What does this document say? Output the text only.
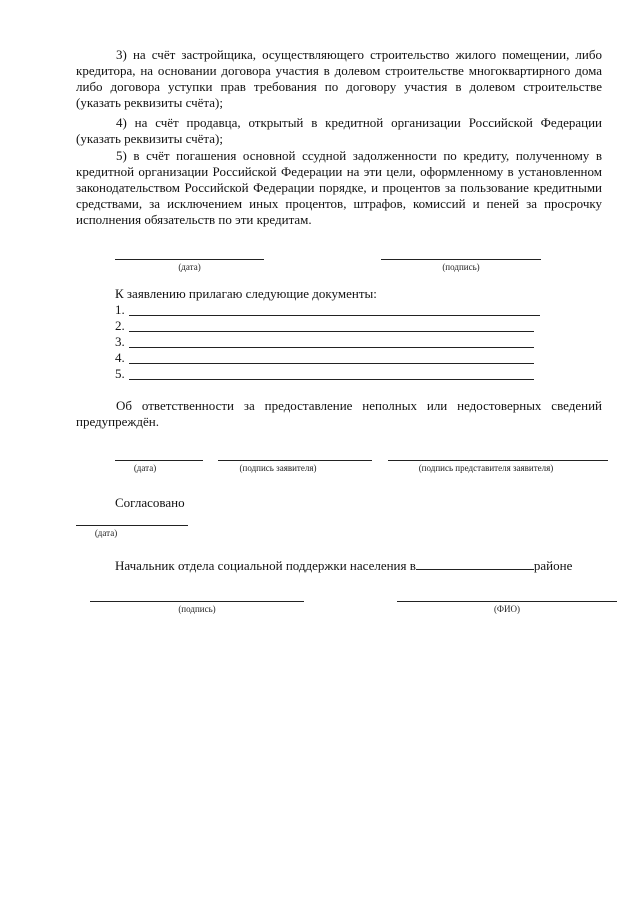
3) на счёт застройщика, осуществляющего строительство жилого помещении, либо кредитора, на основании договора участия в долевом строительстве многоквартирного дома либо договора уступки прав требования по договору участия в долевом строительстве (указать реквизиты счёта);

4) на счёт продавца, открытый в кредитной организации Российской Федерации (указать реквизиты счёта);

5) в счёт погашения основной ссудной задолженности по кредиту, полученному в кредитной организации Российской Федерации на эти цели, оформленному в установленном законодательством Российской Федерации порядке, и процентов за пользование кредитными средствами, за исключением иных процентов, штрафов, комиссий и пеней за просрочку исполнения обязательств по эти кредитам.

(дата)	(подпись)
К заявлению прилагаю следующие документы:
1.
2.
3.
4.
5.

Об ответственности за предоставление неполных или недостоверных сведений предупреждён.

(дата)	(подпись заявителя)	(подпись представителя заявителя)
Согласовано
(дата)
Начальник отдела социальной поддержки населения в	районе
(подпись)	(ФИО)
